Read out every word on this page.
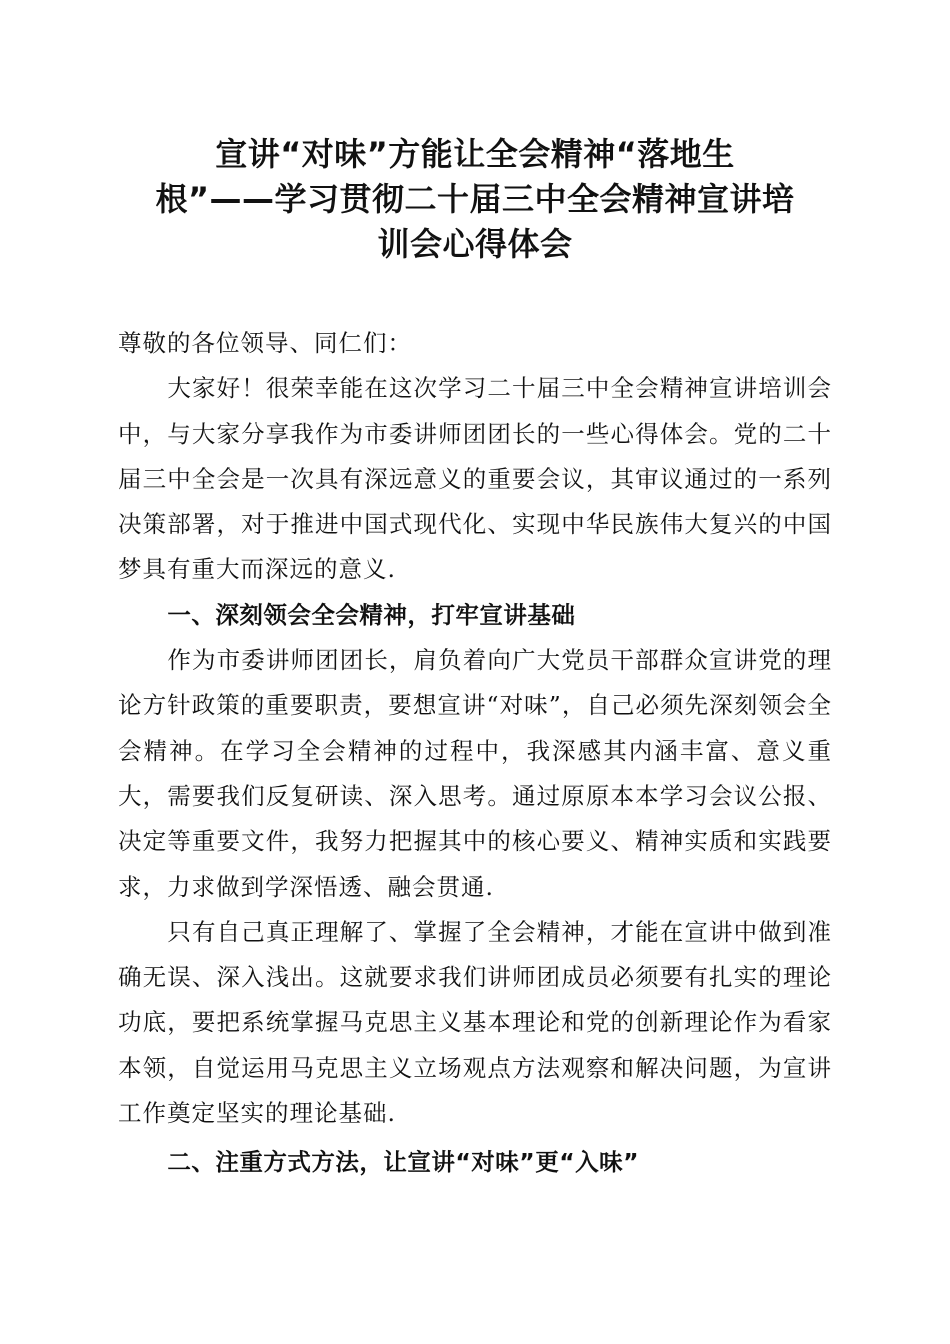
宣讲“对味”方能让全会精神“落地生
根”——学习贯彻二十届三中全会精神宣讲培
训会心得体会

尊敬的各位领导、同仁们：

大家好！很荣幸能在这次学习二十届三中全会精神宣讲培训会中，与大家分享我作为市委讲师团团长的一些心得体会。党的二十届三中全会是一次具有深远意义的重要会议，其审议通过的一系列决策部署，对于推进中国式现代化、实现中华民族伟大复兴的中国梦具有重大而深远的意义.

一、深刻领会全会精神，打牢宣讲基础

作为市委讲师团团长，肩负着向广大党员干部群众宣讲党的理论方针政策的重要职责，要想宣讲“对味”，自己必须先深刻领会全会精神。在学习全会精神的过程中，我深感其内涵丰富、意义重大，需要我们反复研读、深入思考。通过原原本本学习会议公报、决定等重要文件，我努力把握其中的核心要义、精神实质和实践要求，力求做到学深悟透、融会贯通.

只有自己真正理解了、掌握了全会精神，才能在宣讲中做到准确无误、深入浅出。这就要求我们讲师团成员必须要有扎实的理论功底，要把系统掌握马克思主义基本理论和党的创新理论作为看家本领，自觉运用马克思主义立场观点方法观察和解决问题，为宣讲工作奠定坚实的理论基础.

二、注重方式方法，让宣讲“对味”更“入味”
